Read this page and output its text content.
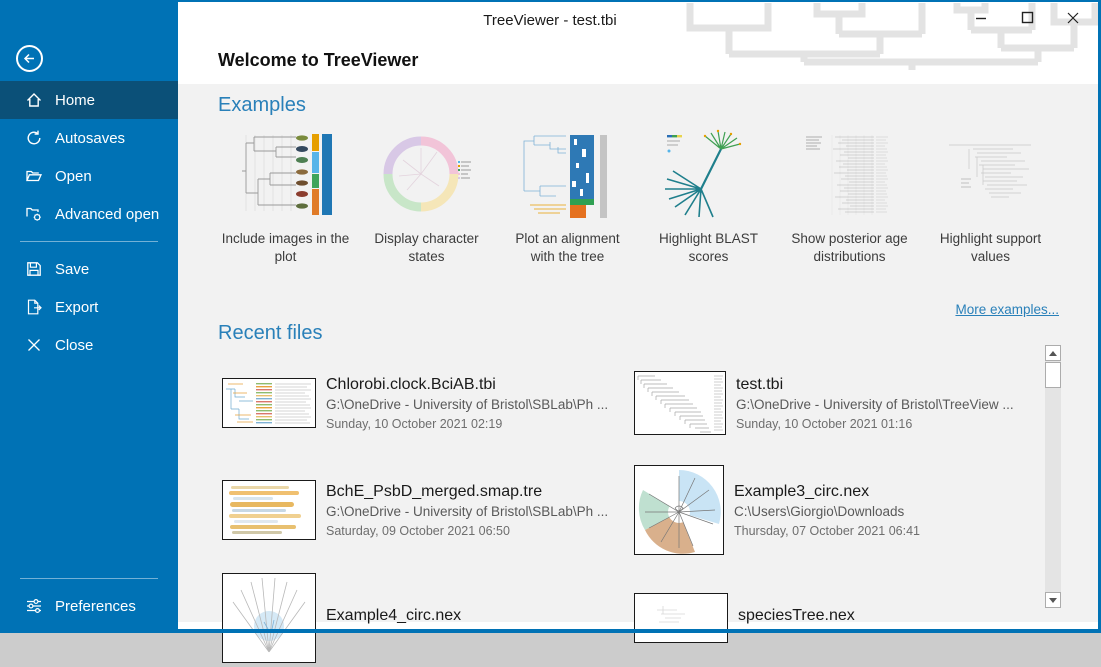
Home
Autosaves
Open
Advanced open
Save
Export
Close
Preferences
TreeViewer - test.tbi
Welcome to TreeViewer
Examples
Include images in the plot
Display character states
Plot an alignment with the tree
Highlight BLAST scores
Show posterior age distributions
Highlight support values
More examples...
Recent files
Chlorobi.clock.BciAB.tbi
G:\OneDrive - University of Bristol\SBLab\Ph ...
Sunday, 10 October 2021 02:19
test.tbi
G:\OneDrive - University of Bristol\TreeView ...
Sunday, 10 October 2021 01:16
BchE_PsbD_merged.smap.tre
G:\OneDrive - University of Bristol\SBLab\Ph ...
Saturday, 09 October 2021 06:50
Example3_circ.nex
C:\Users\Giorgio\Downloads
Thursday, 07 October 2021 06:41
Example4_circ.nex	speciesTree.nex
